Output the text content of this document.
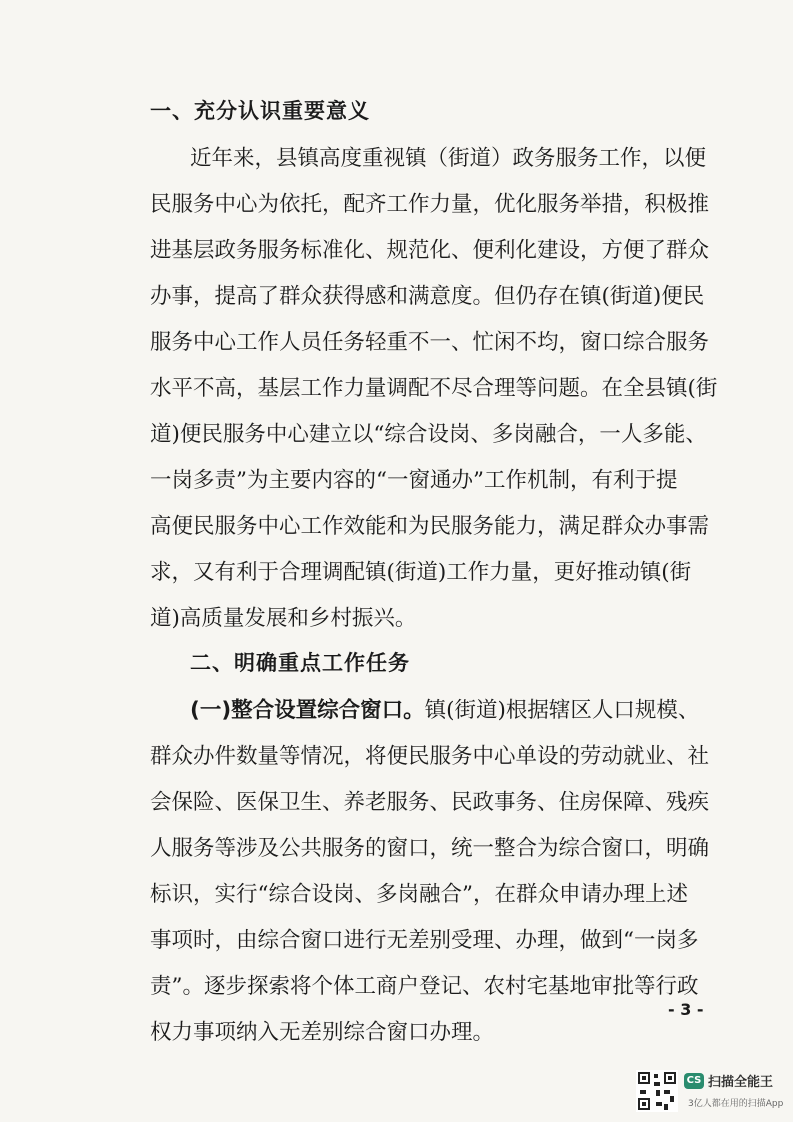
一、充分认识重要意义
近年来，县镇高度重视镇（街道）政务服务工作，以便
民服务中心为依托，配齐工作力量，优化服务举措，积极推
进基层政务服务标准化、规范化、便利化建设，方便了群众
办事，提高了群众获得感和满意度。但仍存在镇(街道)便民
服务中心工作人员任务轻重不一、忙闲不均，窗口综合服务
水平不高，基层工作力量调配不尽合理等问题。在全县镇(街
道)便民服务中心建立以“综合设岗、多岗融合，一人多能、
一岗多责”为主要内容的“一窗通办”工作机制，有利于提
高便民服务中心工作效能和为民服务能力，满足群众办事需
求，又有利于合理调配镇(街道)工作力量，更好推动镇(街
道)高质量发展和乡村振兴。
二、明确重点工作任务
(一)整合设置综合窗口。镇(街道)根据辖区人口规模、
群众办件数量等情况，将便民服务中心单设的劳动就业、社
会保险、医保卫生、养老服务、民政事务、住房保障、残疾
人服务等涉及公共服务的窗口，统一整合为综合窗口，明确
标识，实行“综合设岗、多岗融合”，在群众申请办理上述
事项时，由综合窗口进行无差别受理、办理，做到“一岗多
责”。逐步探索将个体工商户登记、农村宅基地审批等行政
权力事项纳入无差别综合窗口办理。
- 3 -
CS 扫描全能王
3亿人都在用的扫描App
